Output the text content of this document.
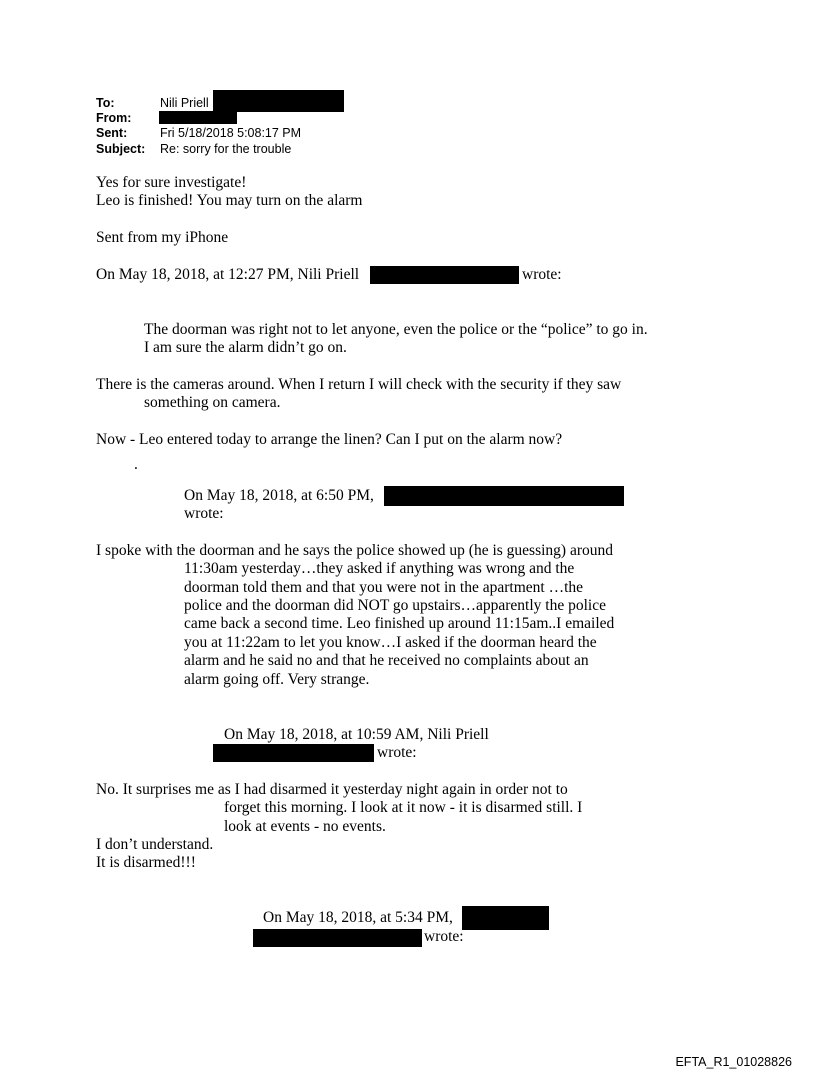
To:	Nili Priell
From:
Sent:	Fri 5/18/2018 5:08:17 PM
Subject: Re: sorry for the trouble
Yes for sure investigate!
Leo is finished! You may turn on the alarm
Sent from my iPhone
On May 18, 2018, at 12:27 PM, Nili Priell	wrote:
The doorman was right not to let anyone, even the police or the “police” to go in.
I am sure the alarm didn’t go on.
There is the cameras around. When I return I will check with the security if they saw
something on camera.
Now - Leo entered today to arrange the linen? Can I put on the alarm now?
.
On May 18, 2018, at 6:50 PM,
wrote:
I spoke with the doorman and he says the police showed up (he is guessing) around
11:30am yesterday…they asked if anything was wrong and the
doorman told them and that you were not in the apartment …the
police and the doorman did NOT go upstairs…apparently the police
came back a second time. Leo finished up around 11:15am..I emailed
you at 11:22am to let you know…I asked if the doorman heard the
alarm and he said no and that he received no complaints about an
alarm going off. Very strange.
On May 18, 2018, at 10:59 AM, Nili Priell
wrote:
No. It surprises me as I had disarmed it yesterday night again in order not to
forget this morning. I look at it now - it is disarmed still. I
look at events - no events.
I don’t understand.
It is disarmed!!!
On May 18, 2018, at 5:34 PM,
wrote:
EFTA_R1_01028826
